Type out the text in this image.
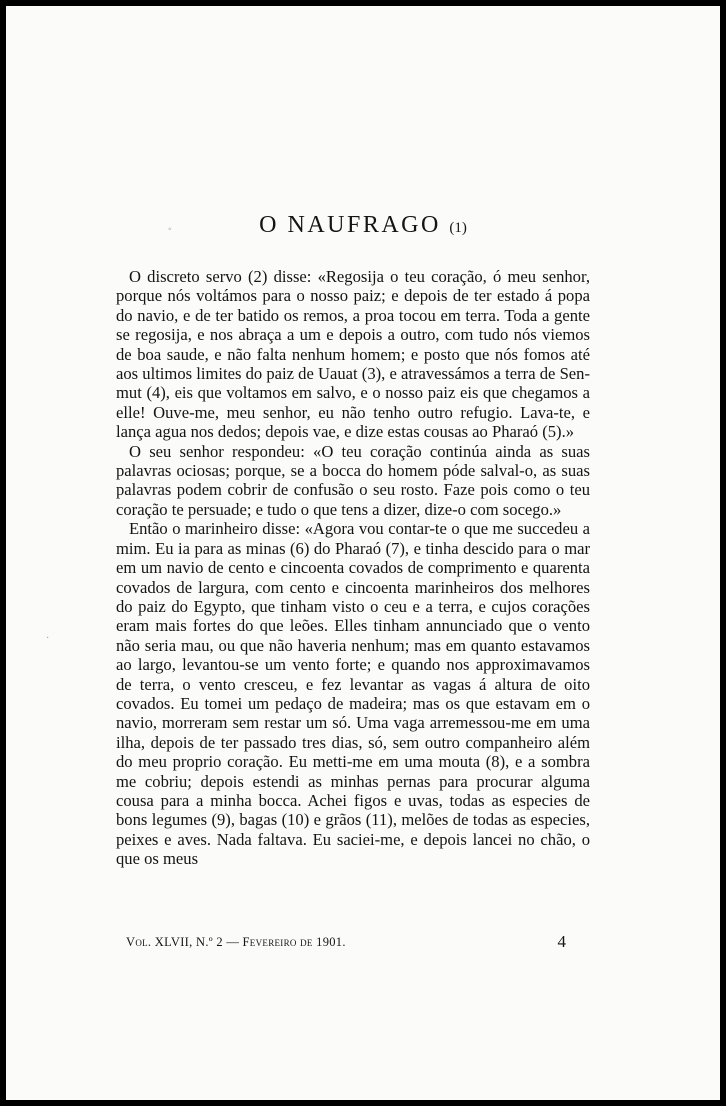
◦
·
O NAUFRAGO (1)

O discreto servo (2) disse: «Regosija o teu coração, ó meu senhor, porque nós voltámos para o nosso paiz; e depois de ter estado á popa do navio, e de ter batido os remos, a proa tocou em terra. Toda a gente se regosija, e nos abraça a um e depois a outro, com tudo nós viemos de boa saude, e não falta nenhum homem; e posto que nós fomos até aos ultimos limites do paiz de Uauat (3), e atravessámos a terra de Sen-mut (4), eis que voltamos em salvo, e o nosso paiz eis que chegamos a elle! Ouve-me, meu senhor, eu não tenho outro refugio. Lava-te, e lança agua nos dedos; depois vae, e dize estas cousas ao Pharaó (5).»

O seu senhor respondeu: «O teu coração continúa ainda as suas palavras ociosas; porque, se a bocca do homem póde salval-o, as suas palavras podem cobrir de confusão o seu rosto. Faze pois como o teu coração te persuade; e tudo o que tens a dizer, dize-o com socego.»

Então o marinheiro disse: «Agora vou contar-te o que me succedeu a mim. Eu ia para as minas (6) do Pharaó (7), e tinha descido para o mar em um navio de cento e cincoenta covados de comprimento e quarenta covados de largura, com cento e cincoenta marinheiros dos melhores do paiz do Egypto, que tinham visto o ceu e a terra, e cujos corações eram mais fortes do que leões. Elles tinham annunciado que o vento não seria mau, ou que não haveria nenhum; mas em quanto estavamos ao largo, levantou-se um vento forte; e quando nos approximavamos de terra, o vento cresceu, e fez levantar as vagas á altura de oito covados. Eu tomei um pedaço de madeira; mas os que estavam em o navio, morreram sem restar um só. Uma vaga arremessou-me em uma ilha, depois de ter passado tres dias, só, sem outro companheiro além do meu proprio coração. Eu metti-me em uma mouta (8), e a sombra me cobriu; depois estendi as minhas pernas para procurar alguma cousa para a minha bocca. Achei figos e uvas, todas as especies de bons legumes (9), bagas (10) e grãos (11), melões de todas as especies, peixes e aves. Nada faltava. Eu saciei-me, e depois lancei no chão, o que os meus

Vol. XLVII, N.º 2 — Fevereiro de 1901.	4
